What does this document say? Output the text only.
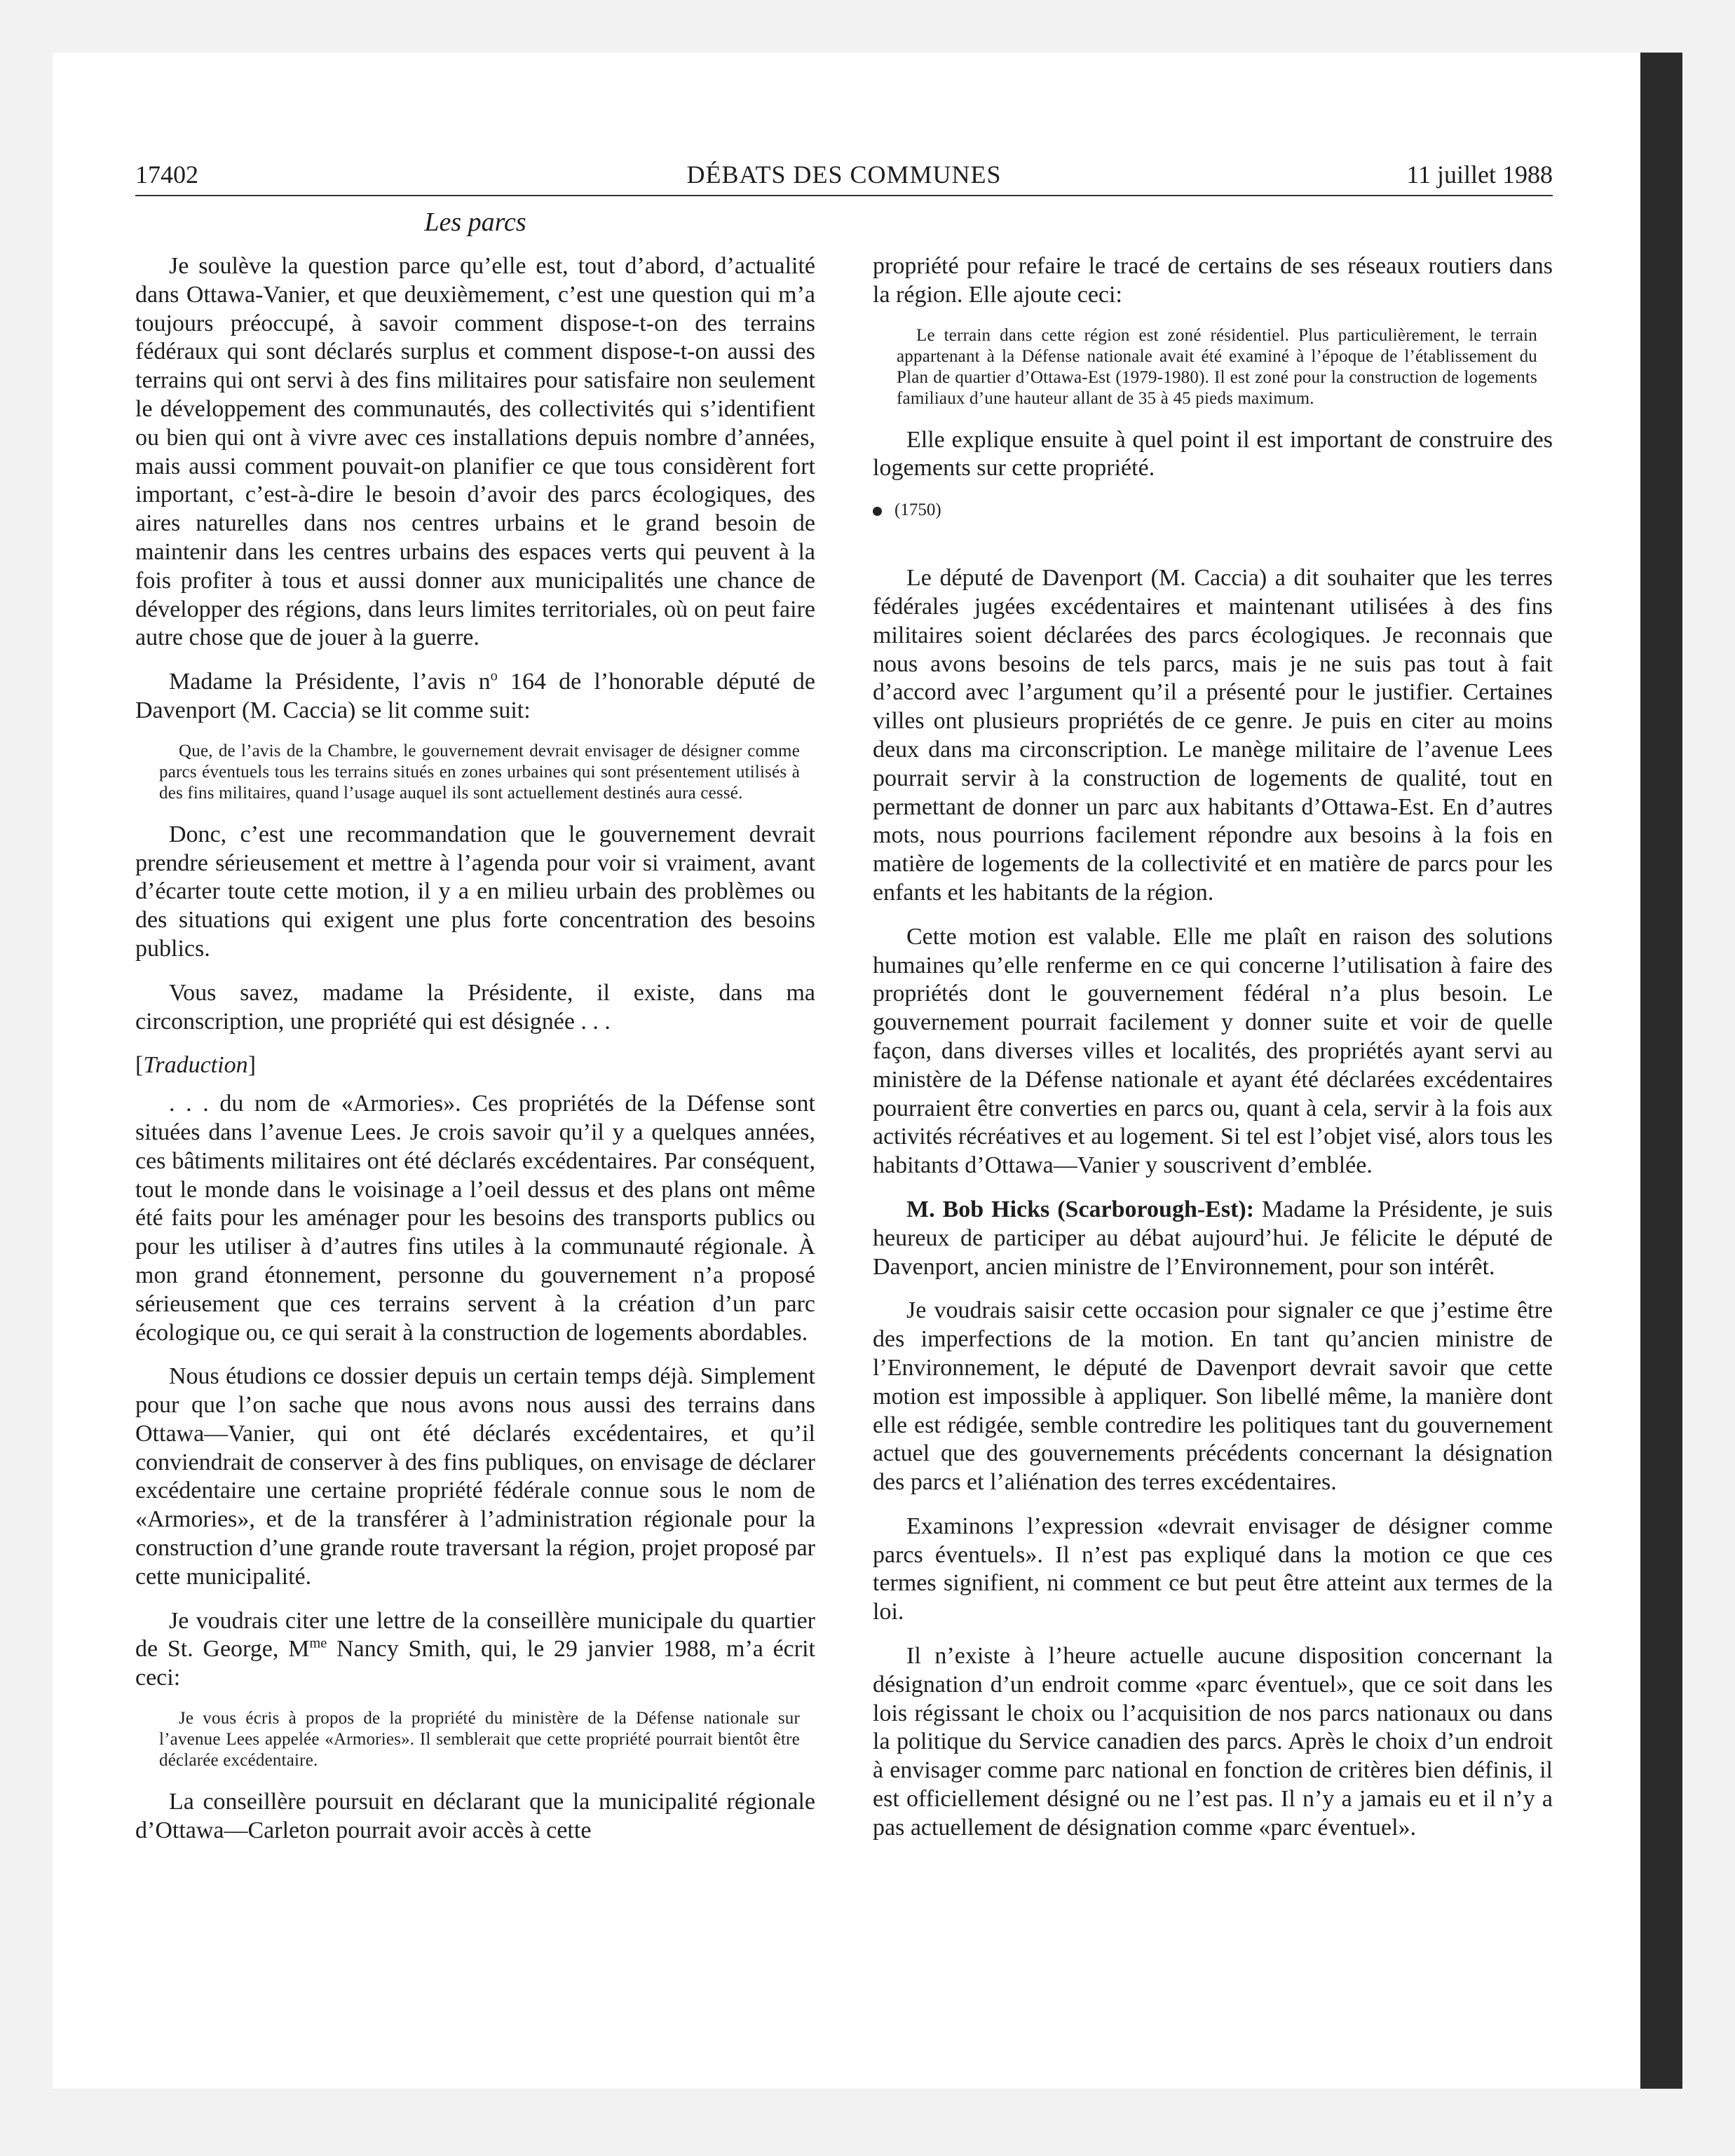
17402	DÉBATS DES COMMUNES	11 juillet 1988
Les parcs

Je soulève la question parce qu’elle est, tout d’abord, d’actualité dans Ottawa-Vanier, et que deuxièmement, c’est une question qui m’a toujours préoccupé, à savoir comment dispose-t-on des terrains fédéraux qui sont déclarés surplus et comment dispose-t-on aussi des terrains qui ont servi à des fins militaires pour satisfaire non seulement le développement des communautés, des collectivités qui s’identifient ou bien qui ont à vivre avec ces installations depuis nombre d’années, mais aussi comment pouvait-on planifier ce que tous considèrent fort important, c’est-à-dire le besoin d’avoir des parcs écologiques, des aires naturelles dans nos centres urbains et le grand besoin de maintenir dans les centres urbains des espaces verts qui peuvent à la fois profiter à tous et aussi donner aux municipalités une chance de développer des régions, dans leurs limites territoriales, où on peut faire autre chose que de jouer à la guerre.

Madame la Présidente, l’avis $n^o$ 164 de l’honorable député de Davenport (M. Caccia) se lit comme suit:

Que, de l’avis de la Chambre, le gouvernement devrait envisager de désigner comme parcs éventuels tous les terrains situés en zones urbaines qui sont présentement utilisés à des fins militaires, quand l’usage auquel ils sont actuellement destinés aura cessé.

Donc, c’est une recommandation que le gouvernement devrait prendre sérieusement et mettre à l’agenda pour voir si vraiment, avant d’écarter toute cette motion, il y a en milieu urbain des problèmes ou des situations qui exigent une plus forte concentration des besoins publics.

Vous savez, madame la Présidente, il existe, dans ma circonscription, une propriété qui est désignée . . .

[Traduction]

. . . du nom de «Armories». Ces propriétés de la Défense sont situées dans l’avenue Lees. Je crois savoir qu’il y a quelques années, ces bâtiments militaires ont été déclarés excédentaires. Par conséquent, tout le monde dans le voisinage a l’oeil dessus et des plans ont même été faits pour les aménager pour les besoins des transports publics ou pour les utiliser à d’autres fins utiles à la communauté régionale. À mon grand étonnement, personne du gouvernement n’a proposé sérieusement que ces terrains servent à la création d’un parc écologique ou, ce qui serait à la construction de logements abordables.

Nous étudions ce dossier depuis un certain temps déjà. Simplement pour que l’on sache que nous avons nous aussi des terrains dans Ottawa—Vanier, qui ont été déclarés excédentaires, et qu’il conviendrait de conserver à des fins publiques, on envisage de déclarer excédentaire une certaine propriété fédérale connue sous le nom de «Armories», et de la transférer à l’administration régionale pour la construction d’une grande route traversant la région, projet proposé par cette municipalité.

Je voudrais citer une lettre de la conseillère municipale du quartier de St. George, $M^{me}$ Nancy Smith, qui, le 29 janvier 1988, m’a écrit ceci:

Je vous écris à propos de la propriété du ministère de la Défense nationale sur l’avenue Lees appelée «Armories». Il semblerait que cette propriété pourrait bientôt être déclarée excédentaire.

La conseillère poursuit en déclarant que la municipalité régionale d’Ottawa—Carleton pourrait avoir accès à cette

propriété pour refaire le tracé de certains de ses réseaux routiers dans la région. Elle ajoute ceci:

Le terrain dans cette région est zoné résidentiel. Plus particulièrement, le terrain appartenant à la Défense nationale avait été examiné à l’époque de l’établissement du Plan de quartier d’Ottawa-Est (1979-1980). Il est zoné pour la construction de logements familiaux d’une hauteur allant de 35 à 45 pieds maximum.

Elle explique ensuite à quel point il est important de construire des logements sur cette propriété.

(1750)

Le député de Davenport (M. Caccia) a dit souhaiter que les terres fédérales jugées excédentaires et maintenant utilisées à des fins militaires soient déclarées des parcs écologiques. Je reconnais que nous avons besoins de tels parcs, mais je ne suis pas tout à fait d’accord avec l’argument qu’il a présenté pour le justifier. Certaines villes ont plusieurs propriétés de ce genre. Je puis en citer au moins deux dans ma circonscription. Le manège militaire de l’avenue Lees pourrait servir à la construction de logements de qualité, tout en permettant de donner un parc aux habitants d’Ottawa-Est. En d’autres mots, nous pourrions facilement répondre aux besoins à la fois en matière de logements de la collectivité et en matière de parcs pour les enfants et les habitants de la région.

Cette motion est valable. Elle me plaît en raison des solutions humaines qu’elle renferme en ce qui concerne l’utilisation à faire des propriétés dont le gouvernement fédéral n’a plus besoin. Le gouvernement pourrait facilement y donner suite et voir de quelle façon, dans diverses villes et localités, des propriétés ayant servi au ministère de la Défense nationale et ayant été déclarées excédentaires pourraient être converties en parcs ou, quant à cela, servir à la fois aux activités récréatives et au logement. Si tel est l’objet visé, alors tous les habitants d’Ottawa—Vanier y souscrivent d’emblée.

M. Bob Hicks (Scarborough-Est): Madame la Présidente, je suis heureux de participer au débat aujourd’hui. Je félicite le député de Davenport, ancien ministre de l’Environnement, pour son intérêt.

Je voudrais saisir cette occasion pour signaler ce que j’estime être des imperfections de la motion. En tant qu’ancien ministre de l’Environnement, le député de Davenport devrait savoir que cette motion est impossible à appliquer. Son libellé même, la manière dont elle est rédigée, semble contredire les politiques tant du gouvernement actuel que des gouvernements précédents concernant la désignation des parcs et l’aliénation des terres excédentaires.

Examinons l’expression «devrait envisager de désigner comme parcs éventuels». Il n’est pas expliqué dans la motion ce que ces termes signifient, ni comment ce but peut être atteint aux termes de la loi.

Il n’existe à l’heure actuelle aucune disposition concernant la désignation d’un endroit comme «parc éventuel», que ce soit dans les lois régissant le choix ou l’acquisition de nos parcs nationaux ou dans la politique du Service canadien des parcs. Après le choix d’un endroit à envisager comme parc national en fonction de critères bien définis, il est officiellement désigné ou ne l’est pas. Il n’y a jamais eu et il n’y a pas actuellement de désignation comme «parc éventuel».
